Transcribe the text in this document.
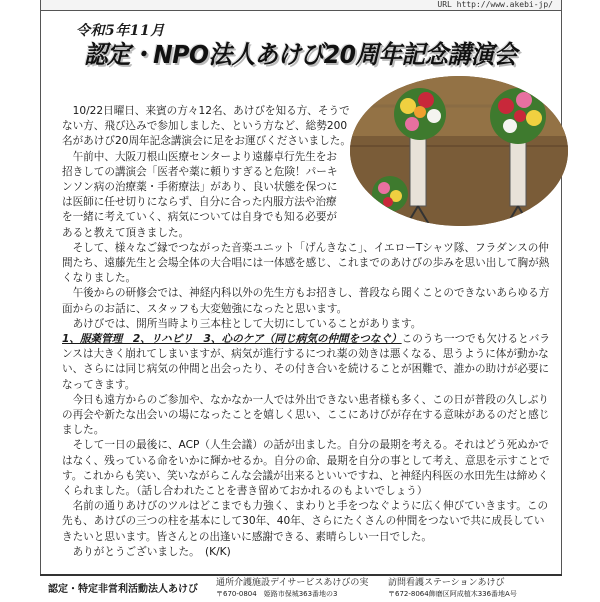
URL http://www.akebi-jp/
令和5年11月
認定・NPO法人あけび20周年記念講演会

10/22日曜日、来賓の方々12名、あけびを知る方、そうでない方、飛び込みで参加しました、という方など、総勢200名があけび20周年記念講演会に足をお運びくださいました。

午前中、大阪刀根山医療センターより遠藤卓行先生をお招きしての講演会「医者や薬に頼りすぎると危険！パーキンソン病の治療薬・手術療法」があり、良い状態を保つには医師に任せ切りにならず、自分に合った内服方法や治療を一緒に考えていく、病気については自身でも知る必要があると教えて頂きました。

そして、様々なご縁でつながった音楽ユニット「げんきなこ」、イエローTシャツ隊、フラダンスの仲間たち、遠藤先生と会場全体の大合唱には一体感を感じ、これまでのあけびの歩みを思い出して胸が熱くなりました。

午後からの研修会では、神経内科以外の先生方もお招きし、普段なら聞くことのできないあらゆる方面からのお話に、スタッフも大変勉強になったと思います。

あけびでは、開所当時より三本柱として大切にしていることがあります。

1、服薬管理　2、リハビリ　3、心のケア（同じ病気の仲間をつなぐ）このうち一つでも欠けるとバランスは大きく崩れてしまいますが、病気が進行するにつれ薬の効きは悪くなる、思うように体が動かない、さらには同じ病気の仲間と出会ったり、その付き合いを続けることが困難で、誰かの助けが必要になってきます。

今日も遠方からのご参加や、なかなか一人では外出できない患者様も多く、この日が普段の久しぶりの再会や新たな出会いの場になったことを嬉しく思い、ここにあけびが存在する意味があるのだと感じました。

そして一日の最後に、ACP（人生会議）の話が出ました。自分の最期を考える。それはどう死ぬかではなく、残っている命をいかに輝かせるか。自分の命、最期を自分の事として考え、意思を示すことです。これからも笑い、笑いながらこんな会議が出来るといいですね、と神経内科医の水田先生は締めくくられました。（話し合われたことを書き留めておかれるのもよいでしょう）

名前の通りあけびのツルはどこまでも力強く、まわりと手をつなぐように広く伸びていきます。この先も、あけびの三つの柱を基本にして30年、40年、さらにたくさんの仲間をつないで共に成長していきたいと思います。皆さんとの出逢いに感謝できる、素晴らしい一日でした。

ありがとうございました。　(K/K)

認定・特定非営利活動法人あけび
通所介護施設デイサービスあけびの実
〒670-0804　姫路市保城363番地の3
訪問看護ステーションあけび
〒672-8064飾磨区阿成植木336番地A号
